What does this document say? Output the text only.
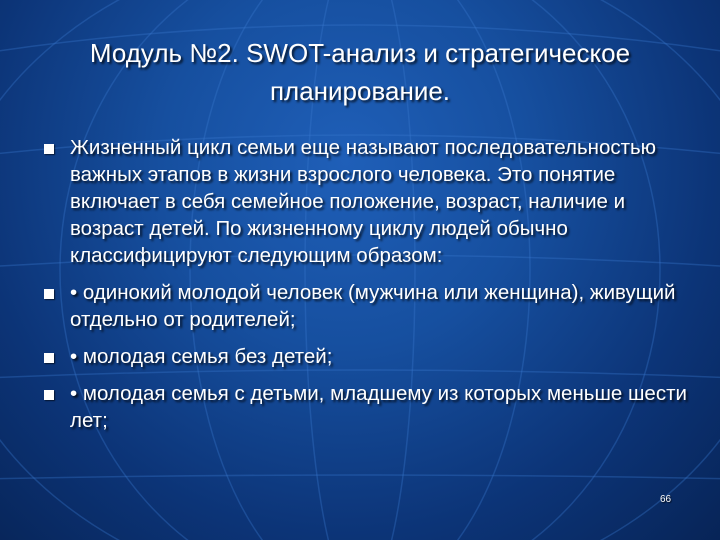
Модуль №2. SWOT-анализ и стратегическое планирование.
Жизненный цикл семьи еще называют последовательностью важных этапов в жизни взрослого человека. Это понятие включает в себя семейное положение, возраст, наличие и возраст детей. По жизненному циклу людей обычно классифицируют следующим образом:
• одинокий молодой человек (мужчина или женщина), живущий отдельно от родителей;
• молодая семья без детей;
• молодая семья с детьми, младшему из которых меньше шести лет;
66
